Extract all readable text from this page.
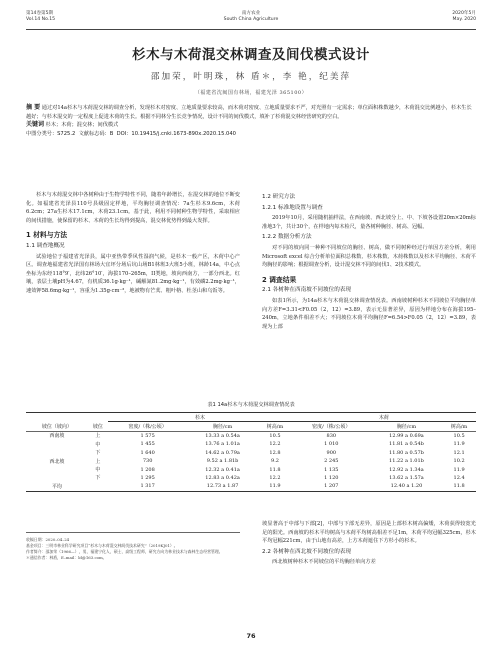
第14卷第5期
Vol.14 No.15
南方农业
South China Agriculture
2020年5月
May. 2020
杉木与木荷混交林调查及间伐模式设计
邵加荣，叶明珠，林 盾＊，李 艳，纪美萍
（福建省沈闽国有林场，福建光泽 365100）
摘 要 通过对14a杉木与木荷混交林的调查分析，发现杉木对密度、立地质量要求较高，而木荷对密度、立地质量要求不严，对光照有一定需求；单位面积株数越少，木荷混交比例越小，杉木生长越好；与杉木混交的一定程度上促进木荷的生长。根据不同林分生长竞争情况，设计不同的间伐模式，填补了杉荷混交林经营研究的空白。
关键词 杉木；木荷；混交林；间伐模式
中图分类号：S725.2 文献标志码：B DOI：10.19415/j.cnki.1673-890x.2020.15.040

杉木与木荷混交林中各树种由于生物学特性不同，随着年龄增长，在混交林的地位不断变化。如福建省光泽县110号县级固定样地，平均胸径调查情况：7a生杉木9.6cm，木荷6.2cm；27a生杉木17.1cm，木荷23.1cm。基于此，利用不同树种生物学特性，采取相应的间伐措施，使保留的杉木、木荷的生长均得到提高，混交林优势得到最大发挥。

1 材料与方法
1.1 调查地概况

试验地位于福建省光泽县，属中亚热带季风性湿润气候，是杉木一般产区，木荷中心产区。调查地福建省光泽国有林场大宜坪分场后坑山场B1林班3大班5小班，林龄14a，中心点坐标为东经118°9′，北纬26°10′，海拔170–265m，II类地，坡向西南方，一部分西北。红壤，表层土壤pH为4.67，有机质36.1g·kg⁻¹，碱解氮81.2mg·kg⁻¹，有效磷2.2mg·kg⁻¹，速效钾58.6mg·kg⁻¹，容重为1.35g·cm⁻³，地被物有芒萁、粗叶榕、杜茎山和乌饭等。

1.2 研究方法
1.2.1 标准地设置与调查

2019年10月，采用随机抽样法，在西南坡、西北坡分上、中、下坡各设置20m×20m标准地3个，共计30个，在样地内每木检尺，量各树种胸径、树高、冠幅。

1.2.2 数据分析方法

对不同的坡向同一种种不同坡位的胸径、树高，做不同树种经过行单因方差分析，利用Microsoft excel 综合分析单位面积总株数、杉木株数、木荷株数以及杉木平均胸径、木荷平均胸径的影响；根据调查分析，设计混交林不同的间伐1、2技术模式。

2 调查结果
2.1 各树种在西南坡不同坡位的表现

如表1所示，为14a杉木与木荷混交林调查情况表。西南坡树种杉木不同坡位平均胸径单向方差F=3.31<F0.05（2，12）=3.89，表示无显著差异，原因为样地分布在海拔195–240m，立地条件相差不大；不同坡位木荷平均胸径F=6.54>F0.05（2，12）=3.89，表现为上部

表1 14a杉木与木荷混交林调查情况表
		杉木			木荷		
坡位（坡向）	坡位	密度/（株/公顷）	胸径/cm	树高/m	密度/（株/公顷）	胸径/cm	树高/m
西南坡	上	1 575	13.33 a 0.54a	10.5	830	12.99 a 0.69a	10.5
	中	1 455	13.76 a 1.01a	12.2	1 010	11.81 a 0.54b	11.9
	下	1 640	14.62 a 0.79a	12.8	900	11.80 a 0.57b	12.1
西北坡	上	730	9.52 a 1.81b	9.2	2 245	11.22 a 1.01b	10.2
	中	1 208	12.32 a 0.41a	11.8	1 135	12.92 a 1.34a	11.9
	下	1 295	12.83 a 0.42a	12.2	1 120	13.62 a 1.57a	12.4
平均		1 317	12.73 a 1.87	11.9	1 207	12.40 a 1.20	11.8
收稿日期：2020–04–24
基金项目：三明市林业科学研究项目“杉木与木荷混交林间伐技术研究”（2019KJ01）。
作者简介：邵加荣（1966—），男，福建宁化人，硕士，高级工程师，研究方向为林业技术与森林生态经营管理。
＊通信作者：林盾，E–mail：ld@163.com。

坡显著高于中部与下部[2]，中部与下部无差异，原因是上部杉木树高偏矮，木荷获得较宽光足的阳光。西南坡的杉木平均树高与木荷平均树高相差不足1m，木荷平均冠幅325cm，杉木平均冠幅221cm，由于山地有高差，上方木荷遮住下方杉小的杉木。

2.2 各树种在西北坡不同坡位的表现

西北坡树种杉木不同坡位的平均胸径单向方差

76
